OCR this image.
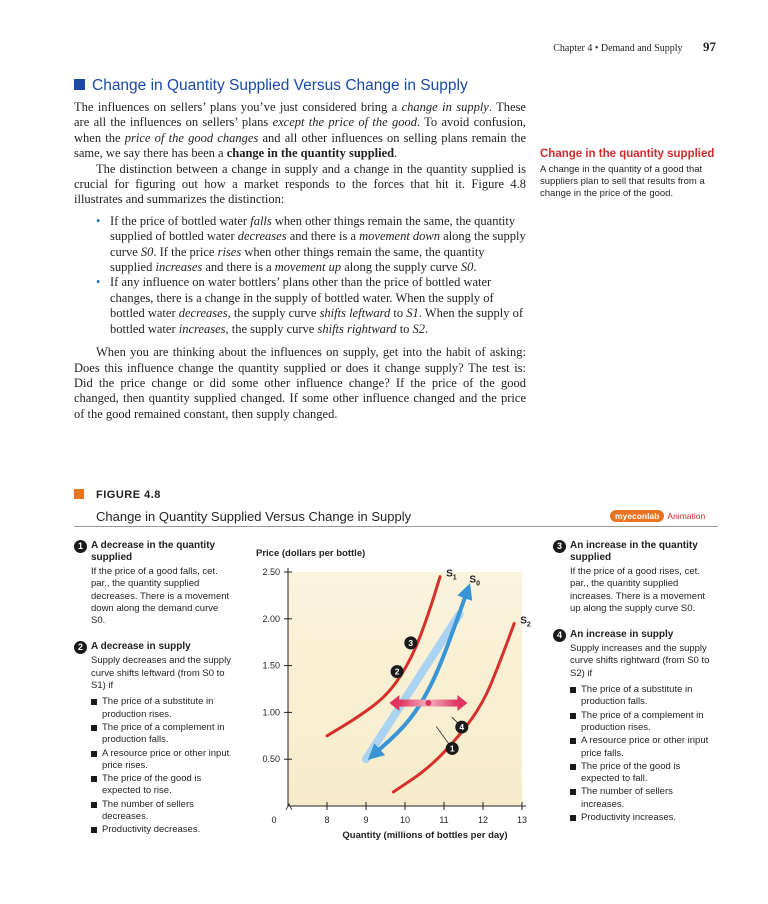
Chapter 4 • Demand and Supply 97
Change in Quantity Supplied Versus Change in Supply

The influences on sellers’ plans you’ve just considered bring a change in supply. These are all the influences on sellers’ plans except the price of the good. To avoid confusion, when the price of the good changes and all other influences on selling plans remain the same, we say there has been a change in the quantity supplied.

The distinction between a change in supply and a change in the quantity supplied is crucial for figuring out how a market responds to the forces that hit it. Figure 4.8 illustrates and summarizes the distinction:

• If the price of bottled water falls when other things remain the same, the quantity supplied of bottled water decreases and there is a movement down along the supply curve S0. If the price rises when other things remain the same, the quantity supplied increases and there is a movement up along the supply curve S0.
• If any influence on water bottlers’ plans other than the price of bottled water changes, there is a change in the supply of bottled water. When the supply of bottled water decreases, the supply curve shifts leftward to S1. When the supply of bottled water increases, the supply curve shifts rightward to S2.

When you are thinking about the influences on supply, get into the habit of asking: Does this influence change the quantity supplied or does it change supply? The test is: Did the price change or did some other influence change? If the price of the good changed, then quantity supplied changed. If some other influence changed and the price of the good remained constant, then supply changed.

Change in the quantity supplied
A change in the quantity of a good that suppliers plan to sell that results from a change in the price of the good.
FIGURE 4.8
Change in Quantity Supplied Versus Change in Supply	myeconlab Animation
1 A decrease in the quantity supplied
If the price of a good falls, cet. par., the quantity supplied decreases. There is a movement down along the demand curve S0.
2 A decrease in supply
Supply decreases and the supply curve shifts leftward (from S0 to S1) if
The price of a substitute in production rises.
The price of a complement in production falls.
A resource price or other input price rises.
The price of the good is expected to rise.
The number of sellers decreases.
Productivity decreases.
3 An increase in the quantity supplied
If the price of a good rises, cet. par., the quantity supplied increases. There is a movement up along the supply curve S0.
4 An increase in supply
Supply increases and the supply curve shifts rightward (from S0 to S2) if
The price of a substitute in production falls.
The price of a complement in production rises.
A resource price or other input price falls.
The price of the good is expected to fall.
The number of sellers increases.
Productivity increases.
Price (dollars per bottle)
Quantity (millions of bottles per day)
0.50
1.00
1.50
2.00
2.50
8	9	10	11	12	13
0
$S_1$ $S_0$
$S_2$
1
2
3
4
